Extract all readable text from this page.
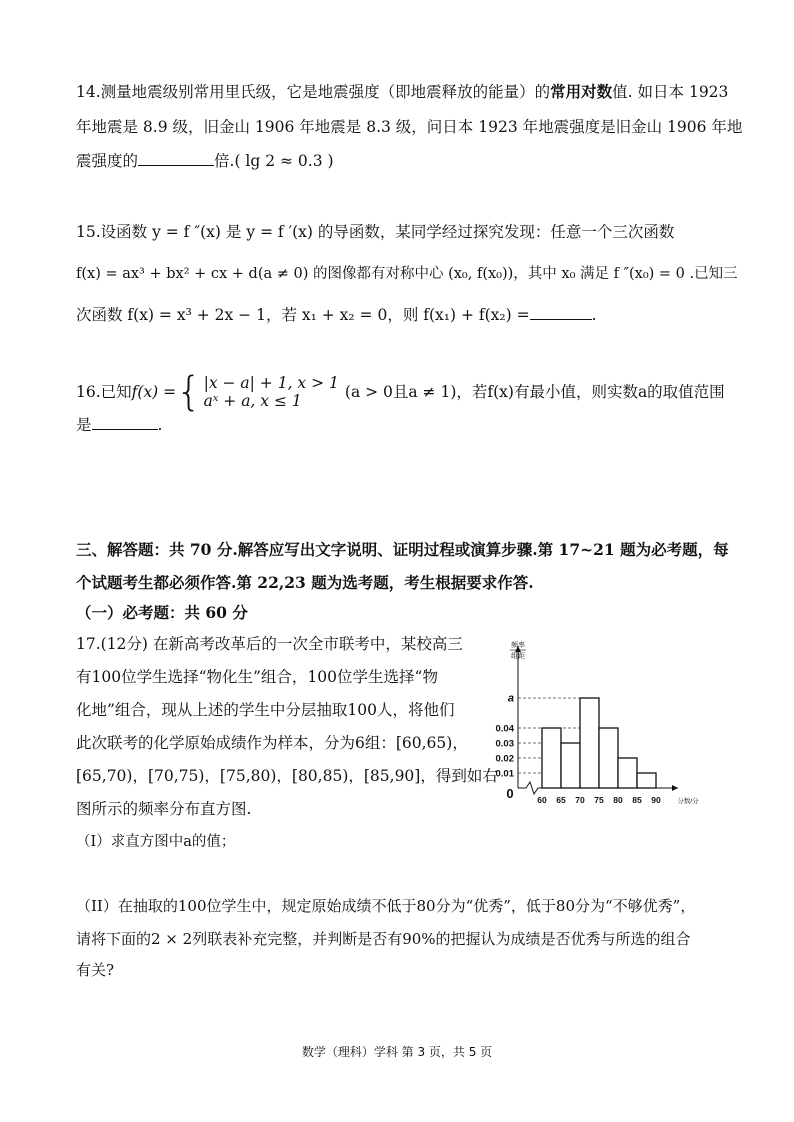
14.测量地震级别常用里氏级，它是地震强度（即地震释放的能量）的常用对数值. 如日本 1923
年地震是 8.9 级，旧金山 1906 年地震是 8.3 级，问日本 1923 年地震强度是旧金山 1906 年地
震强度的	倍.( lg 2 ≈ 0.3 )
15.设函数 y = f ″(x) 是 y = f ′(x) 的导函数，某同学经过探究发现：任意一个三次函数
f(x) = ax³ + bx² + cx + d(a ≠ 0) 的图像都有对称中心 (x₀, f(x₀))，其中 x₀ 满足 f ″(x₀) = 0 .已知三
次函数 f(x) = x³ + 2x − 1，若 x₁ + x₂ = 0，则 f(x₁) + f(x₂) =	.
16.已知 f(x) = { |x − a| + 1, x > 1
aˣ + a, x ≤ 1	(a > 0且a ≠ 1)，若f(x)有最小值，则实数a的取值范围
是	.
三、解答题：共 70 分.解答应写出文字说明、证明过程或演算步骤.第 17~21 题为必考题，每
个试题考生都必须作答.第 22,23 题为选考题，考生根据要求作答.
（一）必考题：共 60 分
17.(12分) 在新高考改革后的一次全市联考中，某校高三
有100位学生选择“物化生”组合，100位学生选择“物
化地”组合，现从上述的学生中分层抽取100人，将他们
此次联考的化学原始成绩作为样本，分为6组：[60,65)，
[65,70)，[70,75)，[75,80)，[80,85)，[85,90]，得到如右
图所示的频率分布直方图.
频率
组距
a
0.04
0.03
0.02
0.01
0	60 65 70 75 80 85 90	分数/分
（I）求直方图中a的值；
（II）在抽取的100位学生中，规定原始成绩不低于80分为“优秀”，低于80分为“不够优秀”，
请将下面的2 × 2列联表补充完整，并判断是否有90%的把握认为成绩是否优秀与所选的组合
有关?
数学（理科）学科 第 3 页，共 5 页
